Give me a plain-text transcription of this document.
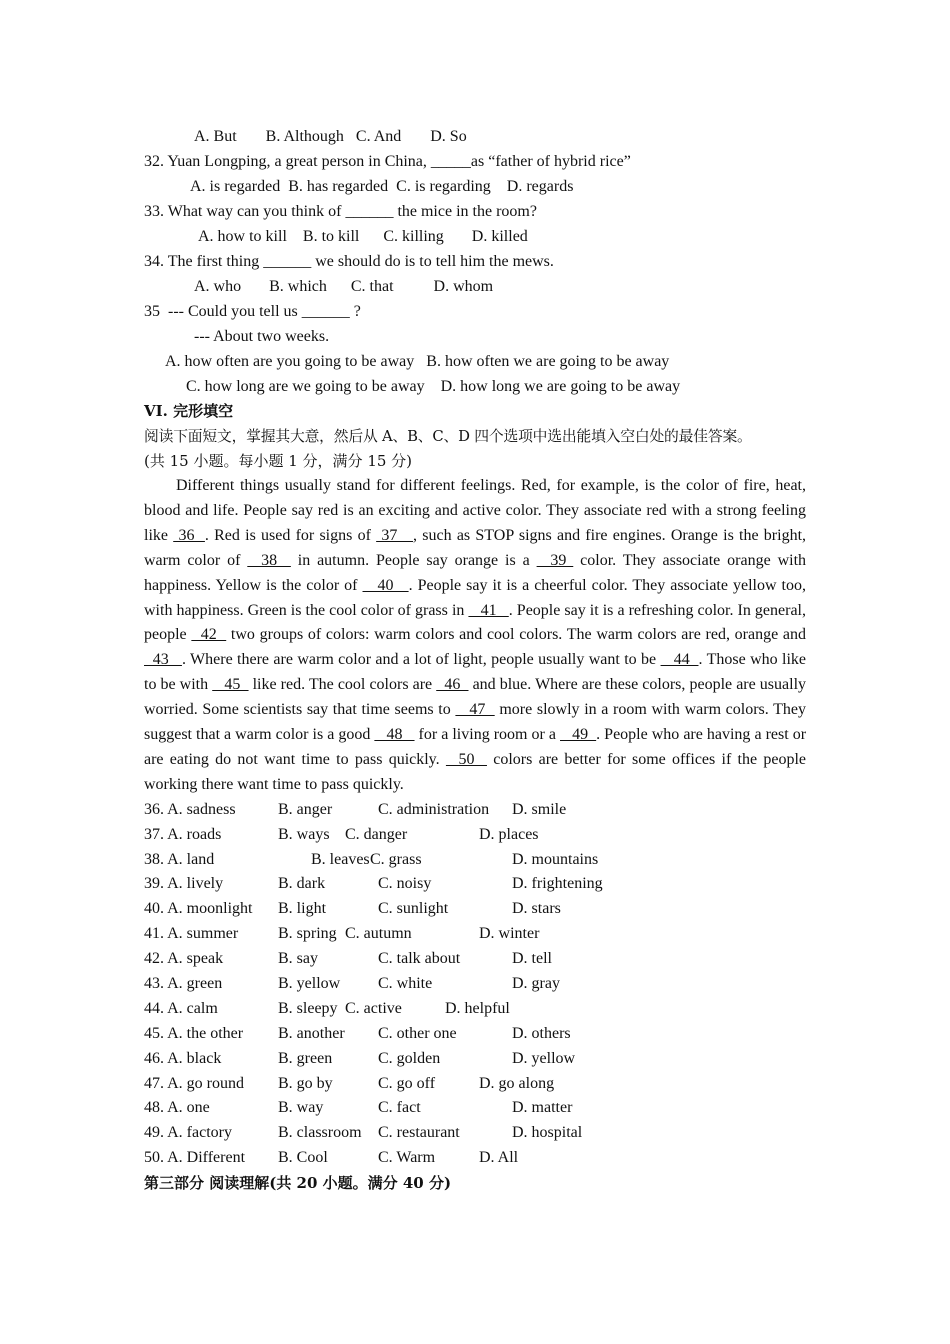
A. But B. Although C. And D. So
32. Yuan Longping, a great person in China, _____as “father of hybrid rice”
A. is regarded  B. has regarded  C. is regarding    D. regards
33. What way can you think of ______ the mice in the room?
A. how to kill    B. to kill      C. killing       D. killed
34. The first thing ______ we should do is to tell him the mews.
A. who       B. which      C. that          D. whom
35  --- Could you tell us ______ ?
--- About two weeks.
A. how often are you going to be away   B. how often we are going to be away
C. how long are we going to be away    D. how long we are going to be away
VI. 完形填空
阅读下面短文，掌握其大意，然后从 A、B、C、D 四个选项中选出能填入空白处的最佳答案。
(共 15 小题。每小题 1 分，满分 15 分)

Different things usually stand for different feelings. Red, for example, is the color of fire, heat, blood and life. People say red is an exciting and active color. They associate red with a strong feeling like  36  . Red is used for signs of  37   , such as STOP signs and fire engines. Orange is the bright, warm color of   38   in autumn. People say orange is a   39  color. They associate orange with happiness. Yellow is the color of    40   . People say it is a cheerful color. They associate yellow too, with happiness. Green is the cool color of grass in    41   . People say it is a refreshing color. In general, people   42   two groups of colors: warm colors and cool colors. The warm colors are red, orange and   43   . Where there are warm color and a lot of light, people usually want to be    44  . Those who like to be with    45   like red. The cool colors are   46   and blue. Where are these colors, people are usually worried. Some scientists say that time seems to    47   more slowly in a room with warm colors. They suggest that a warm color is a good    48    for a living room or a    49  . People who are having a rest or are eating do not want time to pass quickly.   50   colors are better for some offices if the people working there want time to pass quickly.

36. A. sadness	B. anger	C. administration D. smile
37. A. roads	B. ways C. danger	D. places
38. A. land	B. leaves C. grass	D. mountains
39. A. lively	B. dark	C. noisy	D. frightening
40. A. moonlight B. light	C. sunlight	D. stars
41. A. summer B. spring C. autumn	D. winter
42. A. speak	B. say	C. talk about	D. tell
43. A. green	B. yellow C. white	D. gray
44. A. calm	B. sleepy C. active	D. helpful
45. A. the other B. another C. other one	D. others
46. A. black	B. green	C. golden	D. yellow
47. A. go round B. go by	C. go off	D. go along
48. A. one	B. way	C. fact	D. matter
49. A. factory	B. classroom C. restaurant	D. hospital
50. A. Different B. Cool	C. Warm	D. All
第三部分 阅读理解(共 20 小题。满分 40 分)
